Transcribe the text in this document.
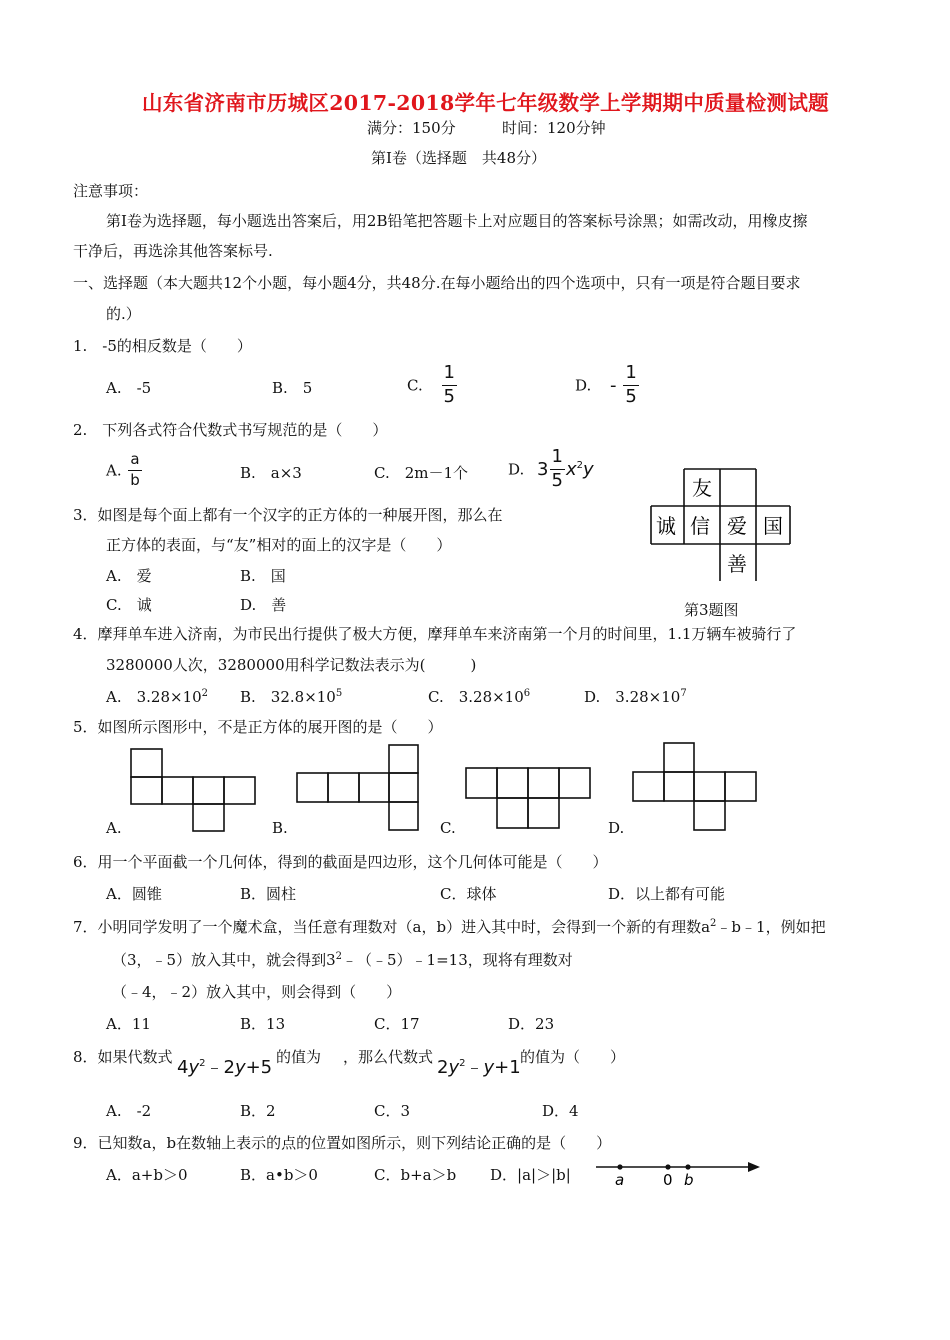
山东省济南市历城区2017-2018学年七年级数学上学期期中质量检测试题
满分：150分	时间：120分钟
第Ⅰ卷（选择题　共48分）
注意事项：
第Ⅰ卷为选择题，每小题选出答案后，用2B铅笔把答题卡上对应题目的答案标号涂黑；如需改动，用橡皮擦
干净后，再选涂其他答案标号.
一、选择题（本大题共12个小题，每小题4分，共48分.在每小题给出的四个选项中，只有一项是符合题目要求
的.）
1.　-5的相反数是（　　）
A.　-5	B.　5	C. $\frac{1}{5}$	D. - $\frac{1}{5}$
2.　下列各式符合代数式书写规范的是（　　）
A. $\frac{a}{b}$	B.　a×3	C.　2m－1个	D. $3 \frac{1}{5} x^2y$
3．如图是每个面上都有一个汉字的正方体的一种展开图，那么在
正方体的表面，与“友”相对的面上的汉字是（　　）
A.　爱	B.　国
C.　诚	D.　善
友
诚 信 爱 国
善
第3题图
4．摩拜单车进入济南，为市民出行提供了极大方便，摩拜单车来济南第一个月的时间里，1.1万辆车被骑行了
3280000人次，3280000用科学记数法表示为(　　　)
A.　$3.28\times 10^2$ B.　$32.8\times 10^5$	C.　$3.28\times 10^6$	D.　$3.28\times 10^7$
5．如图所示图形中，不是正方体的展开图的是（　　）
A.	B.	C.	D.
6．用一个平面截一个几何体，得到的截面是四边形，这个几何体可能是（　　）
A．圆锥	B．圆柱	C．球体	D．以上都有可能
7．小明同学发明了一个魔术盒，当任意有理数对（a，b）进入其中时，会得到一个新的有理数$a^2﹣b﹣1$，例如把
（3，﹣5）放入其中，就会得到$3^2﹣(﹣5)﹣1=13$，现将有理数对
（﹣4，﹣2）放入其中，则会得到（　　）
A．11	B．13	C．17	D．23
8．如果代数式 $4y^2﹣2y+5$ 的值为 ，那么代数式 $2y^2﹣y+1$ 的值为（　　）
A.　-2	B．2	C．3	D．4
9．已知数a，b在数轴上表示的点的位置如图所示，则下列结论正确的是（　　）
A．a+b＞0	B．a•b＞0	C．b+a＞b D．|a|＞|b|	a	0 b
